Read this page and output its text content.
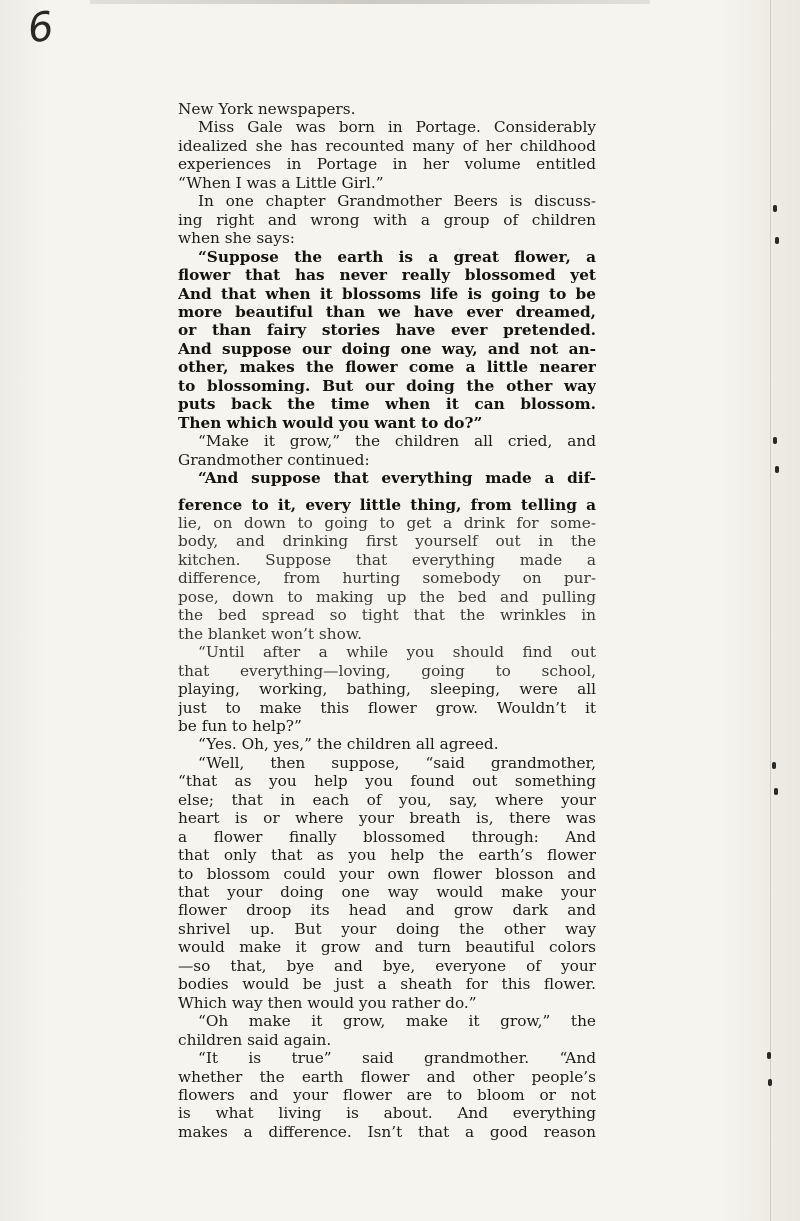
6
New York newspapers.
Miss Gale was born in Portage. Considerably
idealized she has recounted many of her childhood
experiences in Portage in her volume entitled
“When I was a Little Girl.”
In one chapter Grandmother Beers is discuss-
ing right and wrong with a group of children
when she says:
“Suppose the earth is a great flower, a
flower that has never really blossomed yet
And that when it blossoms life is going to be
more beautiful than we have ever dreamed,
or than fairy stories have ever pretended.
And suppose our doing one way, and not an-
other, makes the flower come a little nearer
to blossoming. But our doing the other way
puts back the time when it can blossom.
Then which would you want to do?”
“Make it grow,” the children all cried, and
Grandmother continued:
“And suppose that everything made a dif-
ference to it, every little thing, from telling a
lie, on down to going to get a drink for some-
body, and drinking first yourself out in the
kitchen. Suppose that everything made a
difference, from hurting somebody on pur-
pose, down to making up the bed and pulling
the bed spread so tight that the wrinkles in
the blanket won’t show.
“Until after a while you should find out
that everything—loving, going to school,
playing, working, bathing, sleeping, were all
just to make this flower grow. Wouldn’t it
be fun to help?”
“Yes. Oh, yes,” the children all agreed.
“Well, then suppose, “said grandmother,
“that as you help you found out something
else; that in each of you, say, where your
heart is or where your breath is, there was
a flower finally blossomed through: And
that only that as you help the earth’s flower
to blossom could your own flower blosson and
that your doing one way would make your
flower droop its head and grow dark and
shrivel up. But your doing the other way
would make it grow and turn beautiful colors
—so that, bye and bye, everyone of your
bodies would be just a sheath for this flower.
Which way then would you rather do.”
“Oh make it grow, make it grow,” the
children said again.
“It is true” said grandmother. “And
whether the earth flower and other people’s
flowers and your flower are to bloom or not
is what living is about. And everything
makes a difference. Isn’t that a good reason
